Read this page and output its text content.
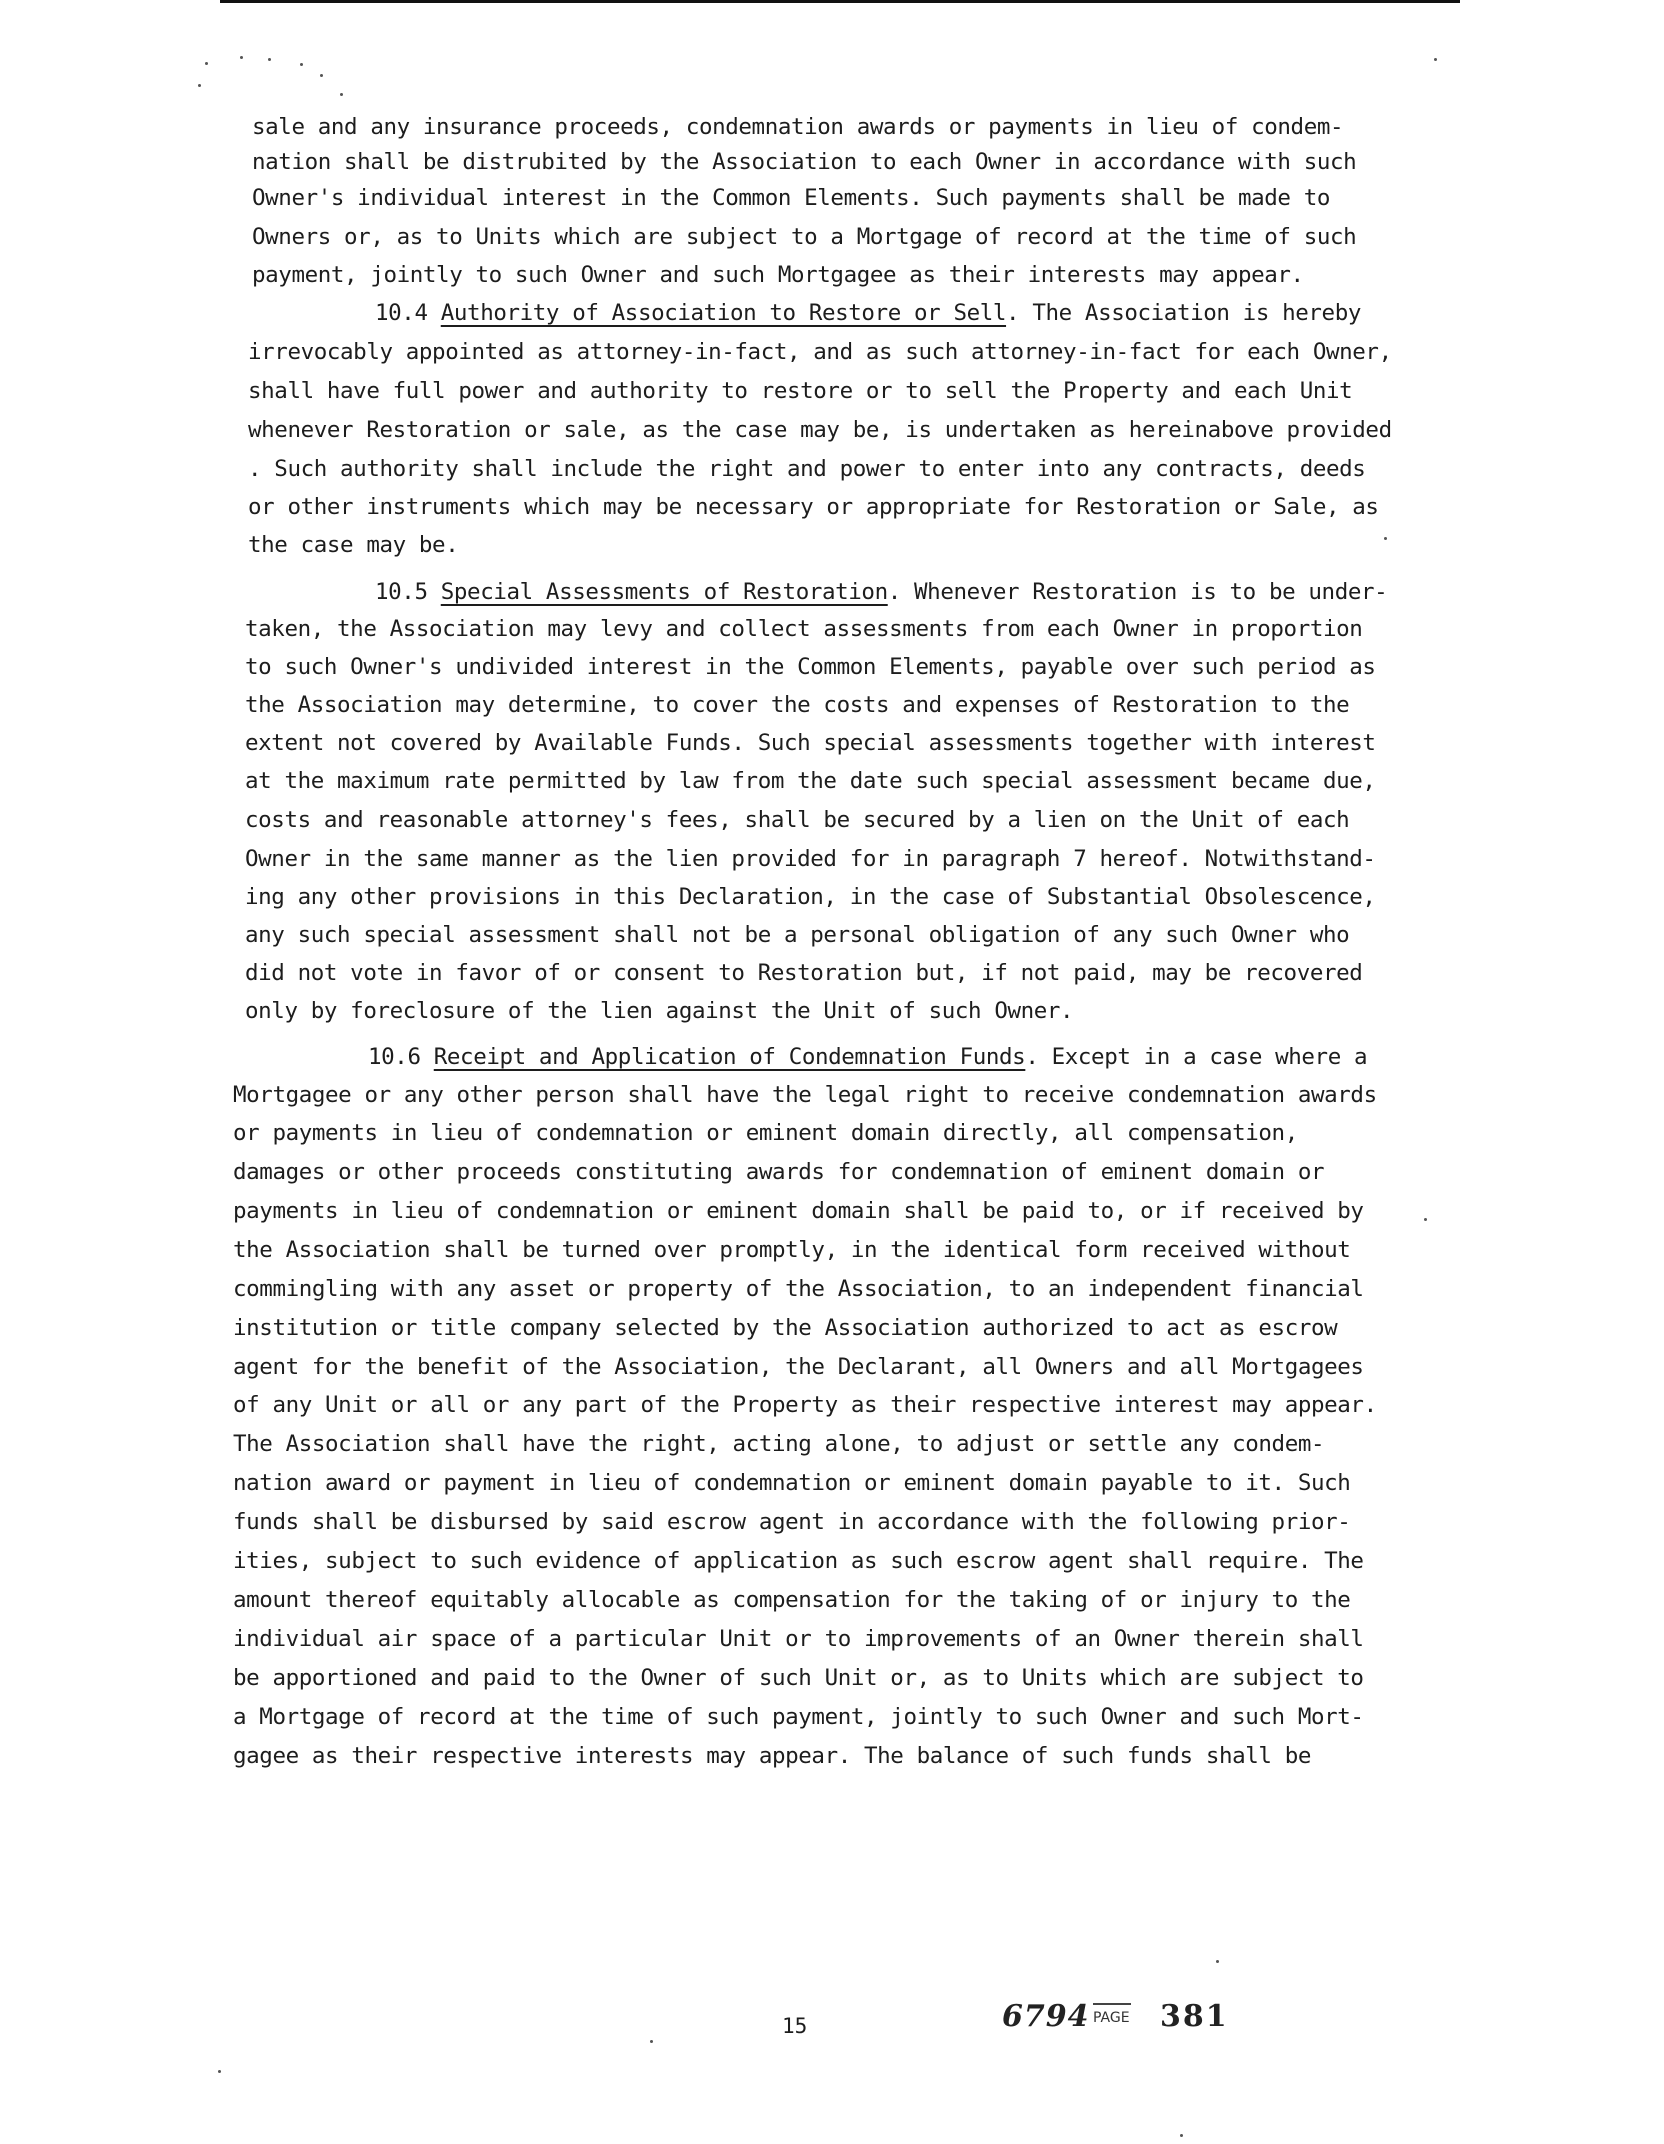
sale and any insurance proceeds, condemnation awards or payments in lieu of condem-
nation shall be distrubited by the Association to each Owner in accordance with such
Owner's individual interest in the Common Elements. Such payments shall be made to
Owners or, as to Units which are subject to a Mortgage of record at the time of such
payment, jointly to such Owner and such Mortgagee as their interests may appear.
10.4 Authority of Association to Restore or Sell. The Association is hereby
irrevocably appointed as attorney-in-fact, and as such attorney-in-fact for each Owner,
shall have full power and authority to restore or to sell the Property and each Unit
whenever Restoration or sale, as the case may be, is undertaken as hereinabove provided
. Such authority shall include the right and power to enter into any contracts, deeds
or other instruments which may be necessary or appropriate for Restoration or Sale, as
the case may be.
10.5 Special Assessments of Restoration. Whenever Restoration is to be under-
taken, the Association may levy and collect assessments from each Owner in proportion
to such Owner's undivided interest in the Common Elements, payable over such period as
the Association may determine, to cover the costs and expenses of Restoration to the
extent not covered by Available Funds. Such special assessments together with interest
at the maximum rate permitted by law from the date such special assessment became due,
costs and reasonable attorney's fees, shall be secured by a lien on the Unit of each
Owner in the same manner as the lien provided for in paragraph 7 hereof. Notwithstand-
ing any other provisions in this Declaration, in the case of Substantial Obsolescence,
any such special assessment shall not be a personal obligation of any such Owner who
did not vote in favor of or consent to Restoration but, if not paid, may be recovered
only by foreclosure of the lien against the Unit of such Owner.
10.6 Receipt and Application of Condemnation Funds. Except in a case where a
Mortgagee or any other person shall have the legal right to receive condemnation awards
or payments in lieu of condemnation or eminent domain directly, all compensation,
damages or other proceeds constituting awards for condemnation of eminent domain or
payments in lieu of condemnation or eminent domain shall be paid to, or if received by
the Association shall be turned over promptly, in the identical form received without
commingling with any asset or property of the Association, to an independent financial
institution or title company selected by the Association authorized to act as escrow
agent for the benefit of the Association, the Declarant, all Owners and all Mortgagees
of any Unit or all or any part of the Property as their respective interest may appear.
The Association shall have the right, acting alone, to adjust or settle any condem-
nation award or payment in lieu of condemnation or eminent domain payable to it. Such
funds shall be disbursed by said escrow agent in accordance with the following prior-
ities, subject to such evidence of application as such escrow agent shall require. The
amount thereof equitably allocable as compensation for the taking of or injury to the
individual air space of a particular Unit or to improvements of an Owner therein shall
be apportioned and paid to the Owner of such Unit or, as to Units which are subject to
a Mortgage of record at the time of such payment, jointly to such Owner and such Mort-
gagee as their respective interests may appear. The balance of such funds shall be
15	6794 PAGE 381
